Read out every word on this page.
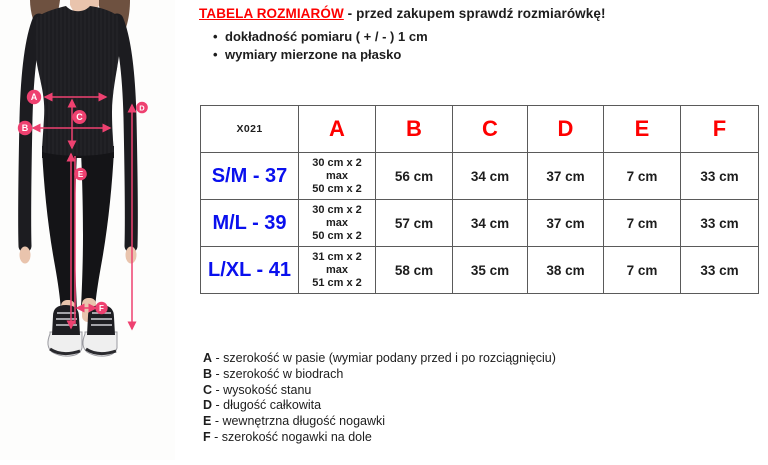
A
B
C
D
E
F
TABELA ROZMIARÓW - przed zakupem sprawdź rozmiarówkę!
• dokładność pomiaru ( + / - ) 1 cm
• wymiary mierzone na płasko
X021	A	B	C	D	E	F
S/M - 37	30 cm x 2
max
50 cm x 2	56 cm	34 cm	37 cm	7 cm	33 cm
M/L - 39	30 cm x 2
max
50 cm x 2	57 cm	34 cm	37 cm	7 cm	33 cm
L/XL - 41	31 cm x 2
max
51 cm x 2	58 cm	35 cm	38 cm	7 cm	33 cm
A - szerokość w pasie (wymiar podany przed i po rozciągnięciu)
B - szerokość w biodrach
C - wysokość stanu
D - długość całkowita
E - wewnętrzna długość nogawki
F - szerokość nogawki na dole
